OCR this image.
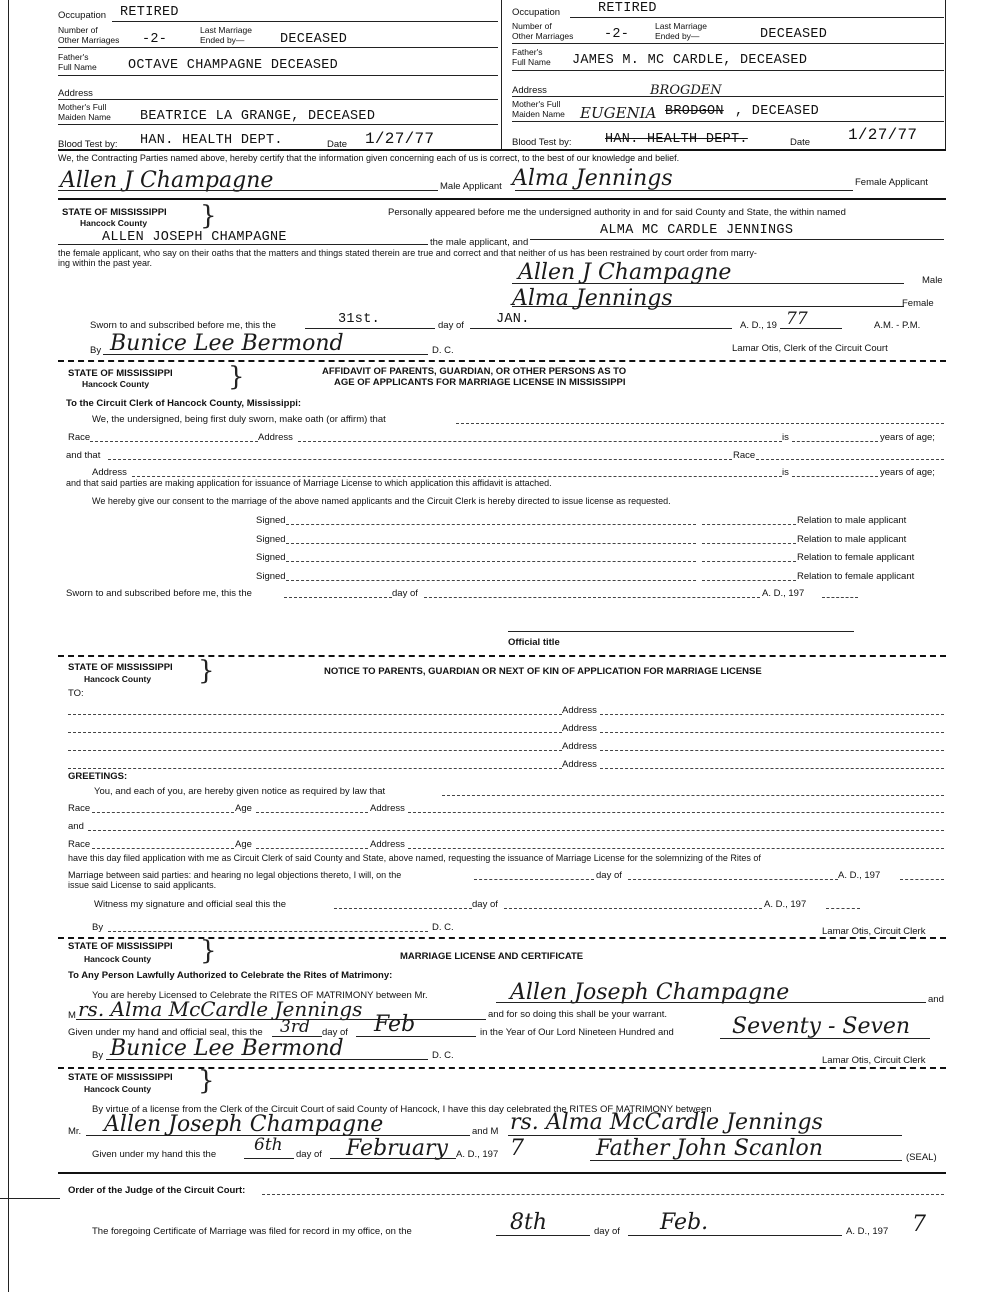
Occupation RETIRED
Number of
Other Marriages -2-
Last Marriage
Ended by—	DECEASED
Father's
Full Name OCTAVE CHAMPAGNE DECEASED
Address
Mother's Full
Maiden Name BEATRICE LA GRANGE, DECEASED
Blood Test by: HAN. HEALTH DEPT.	Date 1/27/77
Occupation	RETIRED
Number of
Other Marriages -2-
Last Marriage
Ended by—	DECEASED
Father's
Full Name JAMES M. MC CARDLE, DECEASED
Address
Mother's Full
Maiden Name
BROGDEN
EUGENIA BRODGON , DECEASED
Blood Test by: HAN. HEALTH DEPT.	Date 1/27/77
We, the Contracting Parties named above, hereby certify that the information given concerning each of us is correct, to the best of our knowledge and belief.
Allen J Champagne	Male Applicant Alma Jennings	Female Applicant
STATE OF MISSISSIPPI
Hancock County }	Personally appeared before me the undersigned authority in and for said County and State, the within named
ALLEN JOSEPH CHAMPAGNE	the male applicant, and
ALMA MC CARDLE JENNINGS
the female applicant, who say on their oaths that the matters and things stated therein are true and correct and that neither of us has been restrained by court order from marry-
ing within the past year.	Allen J Champagne	Male
Alma Jennings	Female
Sworn to and subscribed before me, this the	31st.	day of JAN.	A. D., 19 77	A.M. - P.M.
By Bunice Lee Bermond	D. C.	Lamar Otis, Clerk of the Circuit Court
STATE OF MISSISSIPPI
Hancock County	}	AFFIDAVIT OF PARENTS, GUARDIAN, OR OTHER PERSONS AS TO
AGE OF APPLICANTS FOR MARRIAGE LICENSE IN MISSISSIPPI
To the Circuit Clerk of Hancock County, Mississippi:
We, the undersigned, being first duly sworn, make oath (or affirm) that
Race	Address	is	years of age;
and that	Race
Address	is	years of age;
and that said parties are making application for issuance of Marriage License to which application this affidavit is attached.
We hereby give our consent to the marriage of the above named applicants and the Circuit Clerk is hereby directed to issue license as requested.
Signed	Relation to male applicant
Signed	Relation to male applicant
Signed	Relation to female applicant
Signed	Relation to female applicant
Sworn to and subscribed before me, this the	day of	A. D., 197
Official title
STATE OF MISSISSIPPI
Hancock County }	NOTICE TO PARENTS, GUARDIAN OR NEXT OF KIN OF APPLICATION FOR MARRIAGE LICENSE
TO:
Address
Address
Address
Address
GREETINGS:
You, and each of you, are hereby given notice as required by law that
Race	Age	Address
and
Race	Age	Address
have this day filed application with me as Circuit Clerk of said County and State, above named, requesting the issuance of Marriage License for the solemnizing of the Rites of
Marriage between said parties: and hearing no legal objections thereto, I will, on the	day of	A. D., 197
issue said License to said applicants.
Witness my signature and official seal this the	day of	A. D., 197
By	D. C.	Lamar Otis, Circuit Clerk
STATE OF MISSISSIPPI
Hancock County }	MARRIAGE LICENSE AND CERTIFICATE
To Any Person Lawfully Authorized to Celebrate the Rites of Matrimony:
You are hereby Licensed to Celebrate the RITES OF MATRIMONY between Mr.	Allen Joseph Champagne	and
M rs. Alma McCardle Jennings	and for so doing this shall be your warrant.
Given under my hand and official seal, this the 3rd day of Feb	in the Year of Our Lord Nineteen Hundred and	Seventy - Seven
By Bunice Lee Bermond	D. C.	Lamar Otis, Circuit Clerk
STATE OF MISSISSIPPI
Hancock County }
By virtue of a license from the Clerk of the Circuit Court of said County of Hancock, I have this day celebrated the RITES OF MATRIMONY between
Mr. Allen Joseph Champagne	and M rs. Alma McCardle Jennings
Given under my hand this the 6th day of February A. D., 197 7	Father John Scanlon	(SEAL)
Order of the Judge of the Circuit Court:
The foregoing Certificate of Marriage was filed for record in my office, on the	8th	day of Feb.	A. D., 197 7
